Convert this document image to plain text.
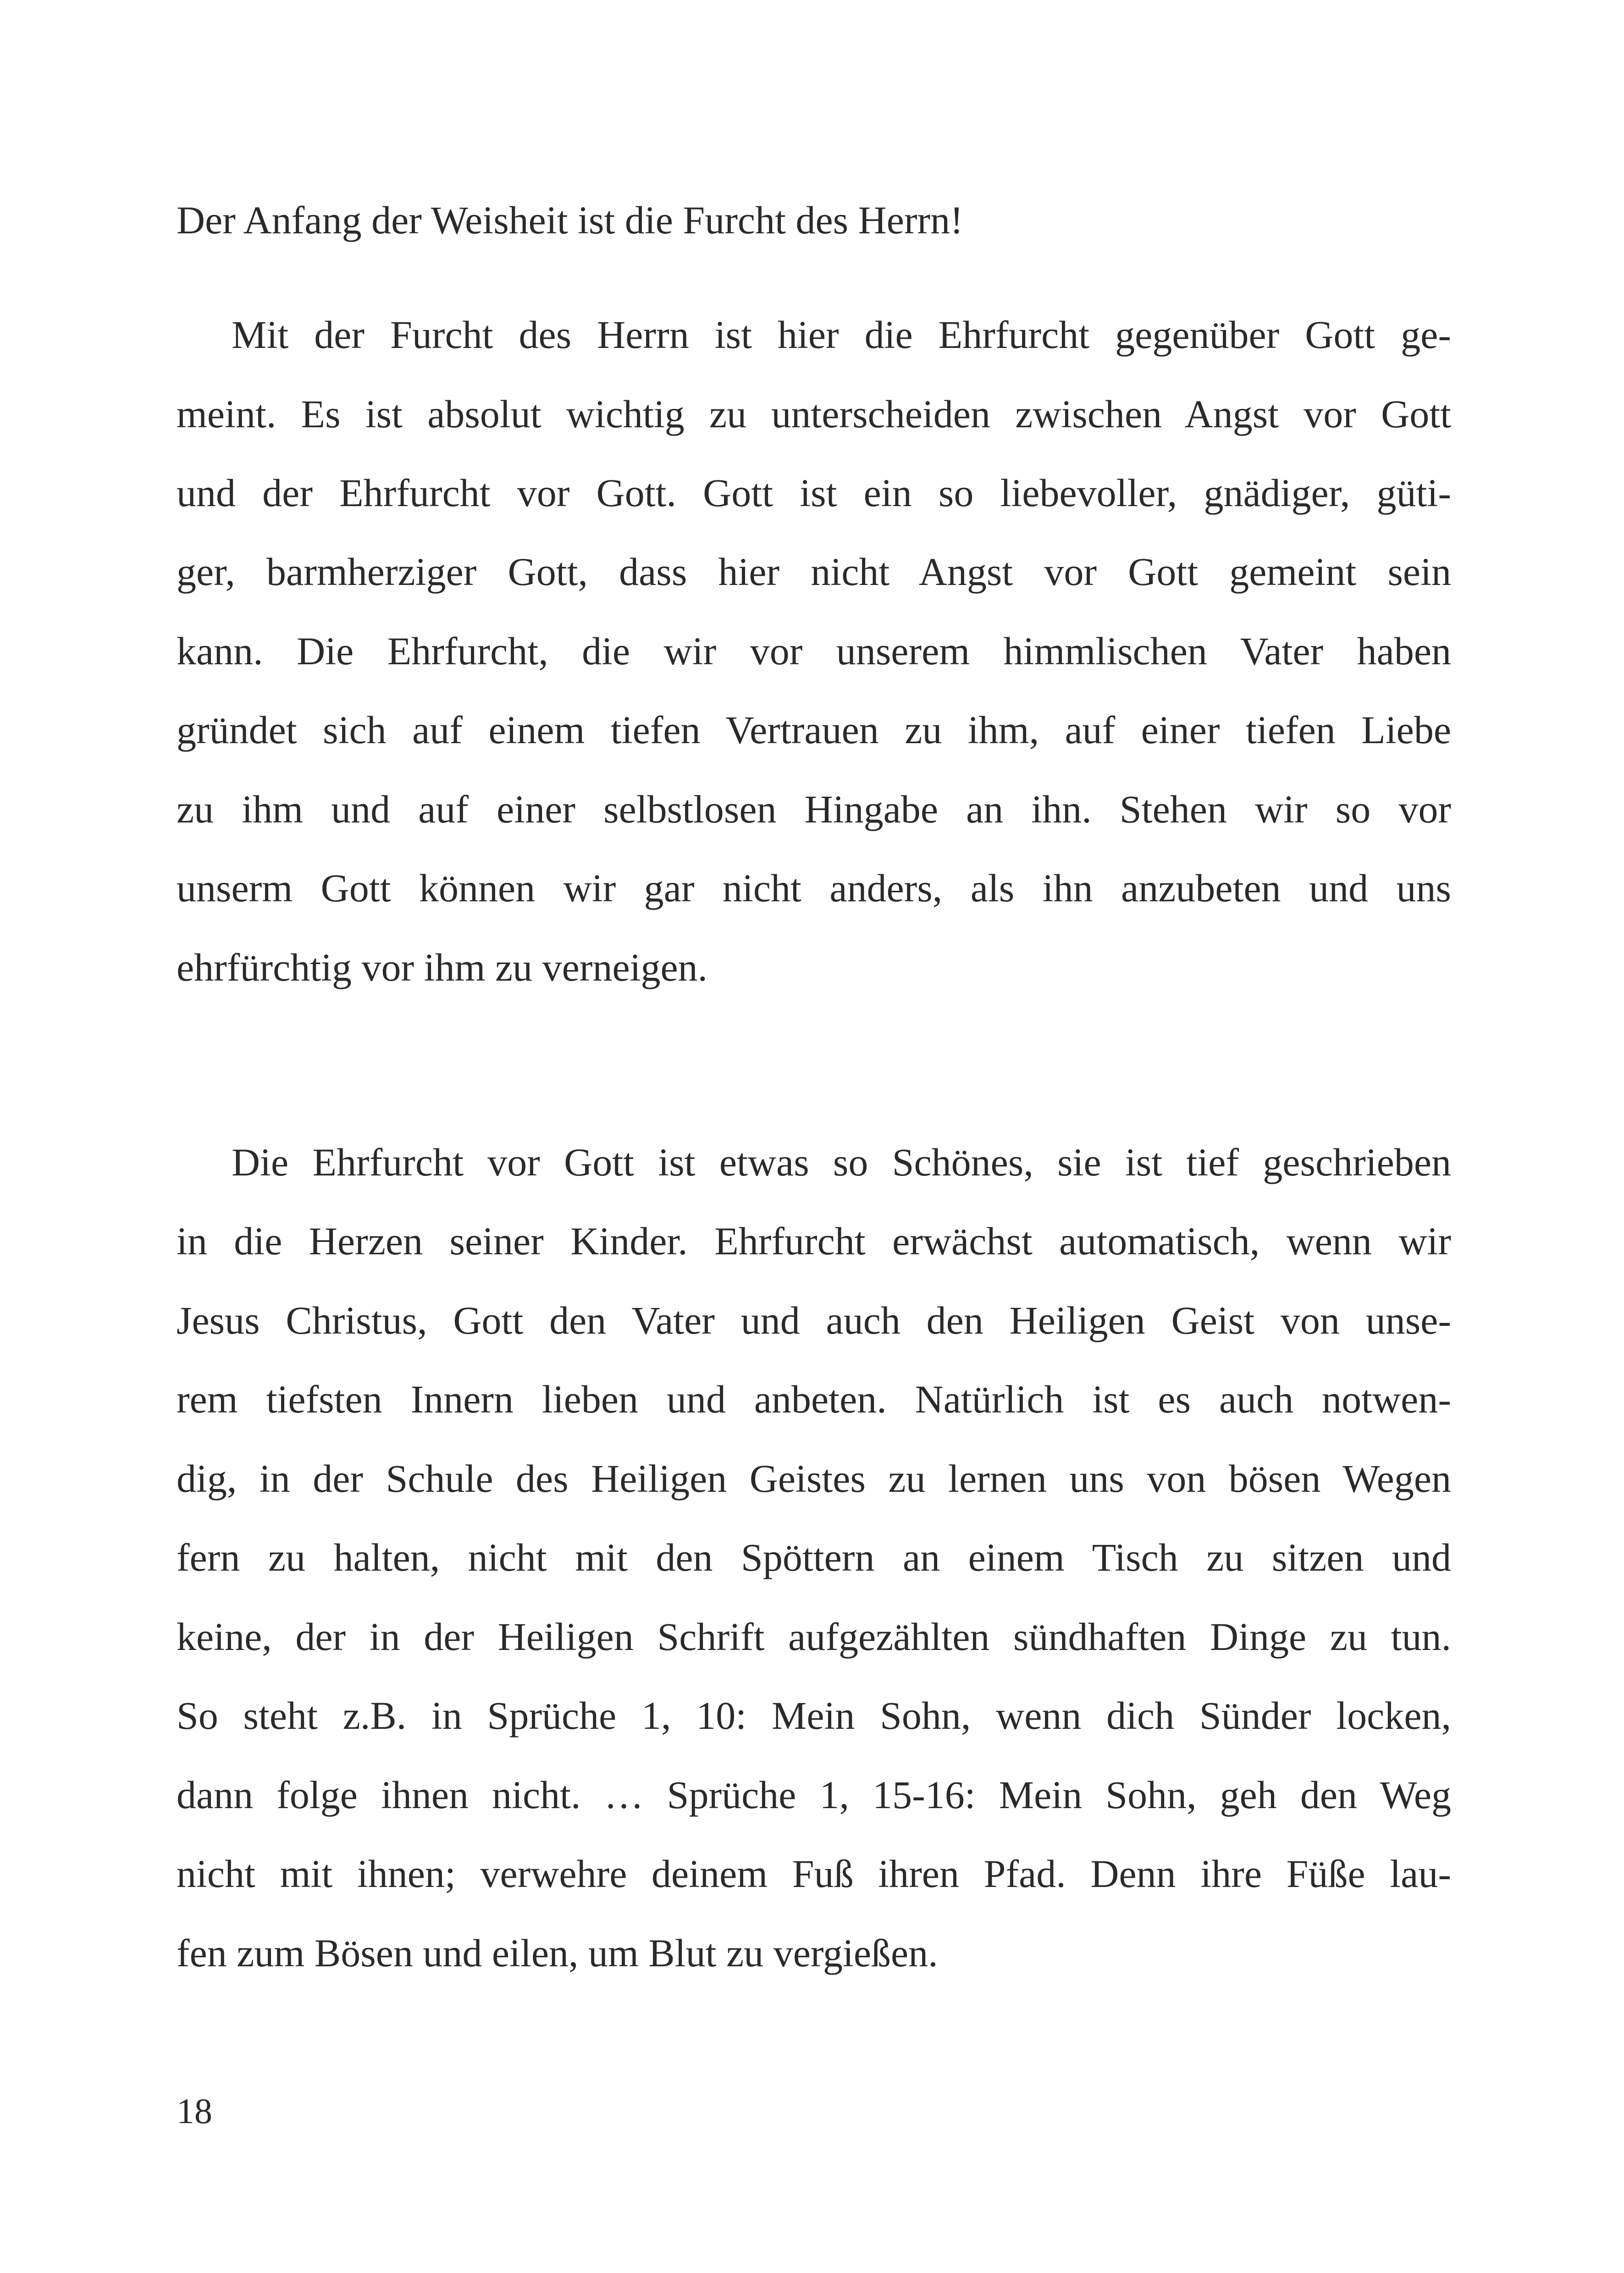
Der Anfang der Weisheit ist die Furcht des Herrn!
Mit der Furcht des Herrn ist hier die Ehrfurcht gegenüber Gott ge-
meint. Es ist absolut wichtig zu unterscheiden zwischen Angst vor Gott
und der Ehrfurcht vor Gott. Gott ist ein so liebevoller, gnädiger, güti-
ger, barmherziger Gott, dass hier nicht Angst vor Gott gemeint sein
kann. Die Ehrfurcht, die wir vor unserem himmlischen Vater haben
gründet sich auf einem tiefen Vertrauen zu ihm, auf einer tiefen Liebe
zu ihm und auf einer selbstlosen Hingabe an ihn. Stehen wir so vor
unserm Gott können wir gar nicht anders, als ihn anzubeten und uns
ehrfürchtig vor ihm zu verneigen.
Die Ehrfurcht vor Gott ist etwas so Schönes, sie ist tief geschrieben
in die Herzen seiner Kinder. Ehrfurcht erwächst automatisch, wenn wir
Jesus Christus, Gott den Vater und auch den Heiligen Geist von unse-
rem tiefsten Innern lieben und anbeten. Natürlich ist es auch notwen-
dig, in der Schule des Heiligen Geistes zu lernen uns von bösen Wegen
fern zu halten, nicht mit den Spöttern an einem Tisch zu sitzen und
keine, der in der Heiligen Schrift aufgezählten sündhaften Dinge zu tun.
So steht z.B. in Sprüche 1, 10: Mein Sohn, wenn dich Sünder locken,
dann folge ihnen nicht. … Sprüche 1, 15-16: Mein Sohn, geh den Weg
nicht mit ihnen; verwehre deinem Fuß ihren Pfad. Denn ihre Füße lau-
fen zum Bösen und eilen, um Blut zu vergießen.
18
